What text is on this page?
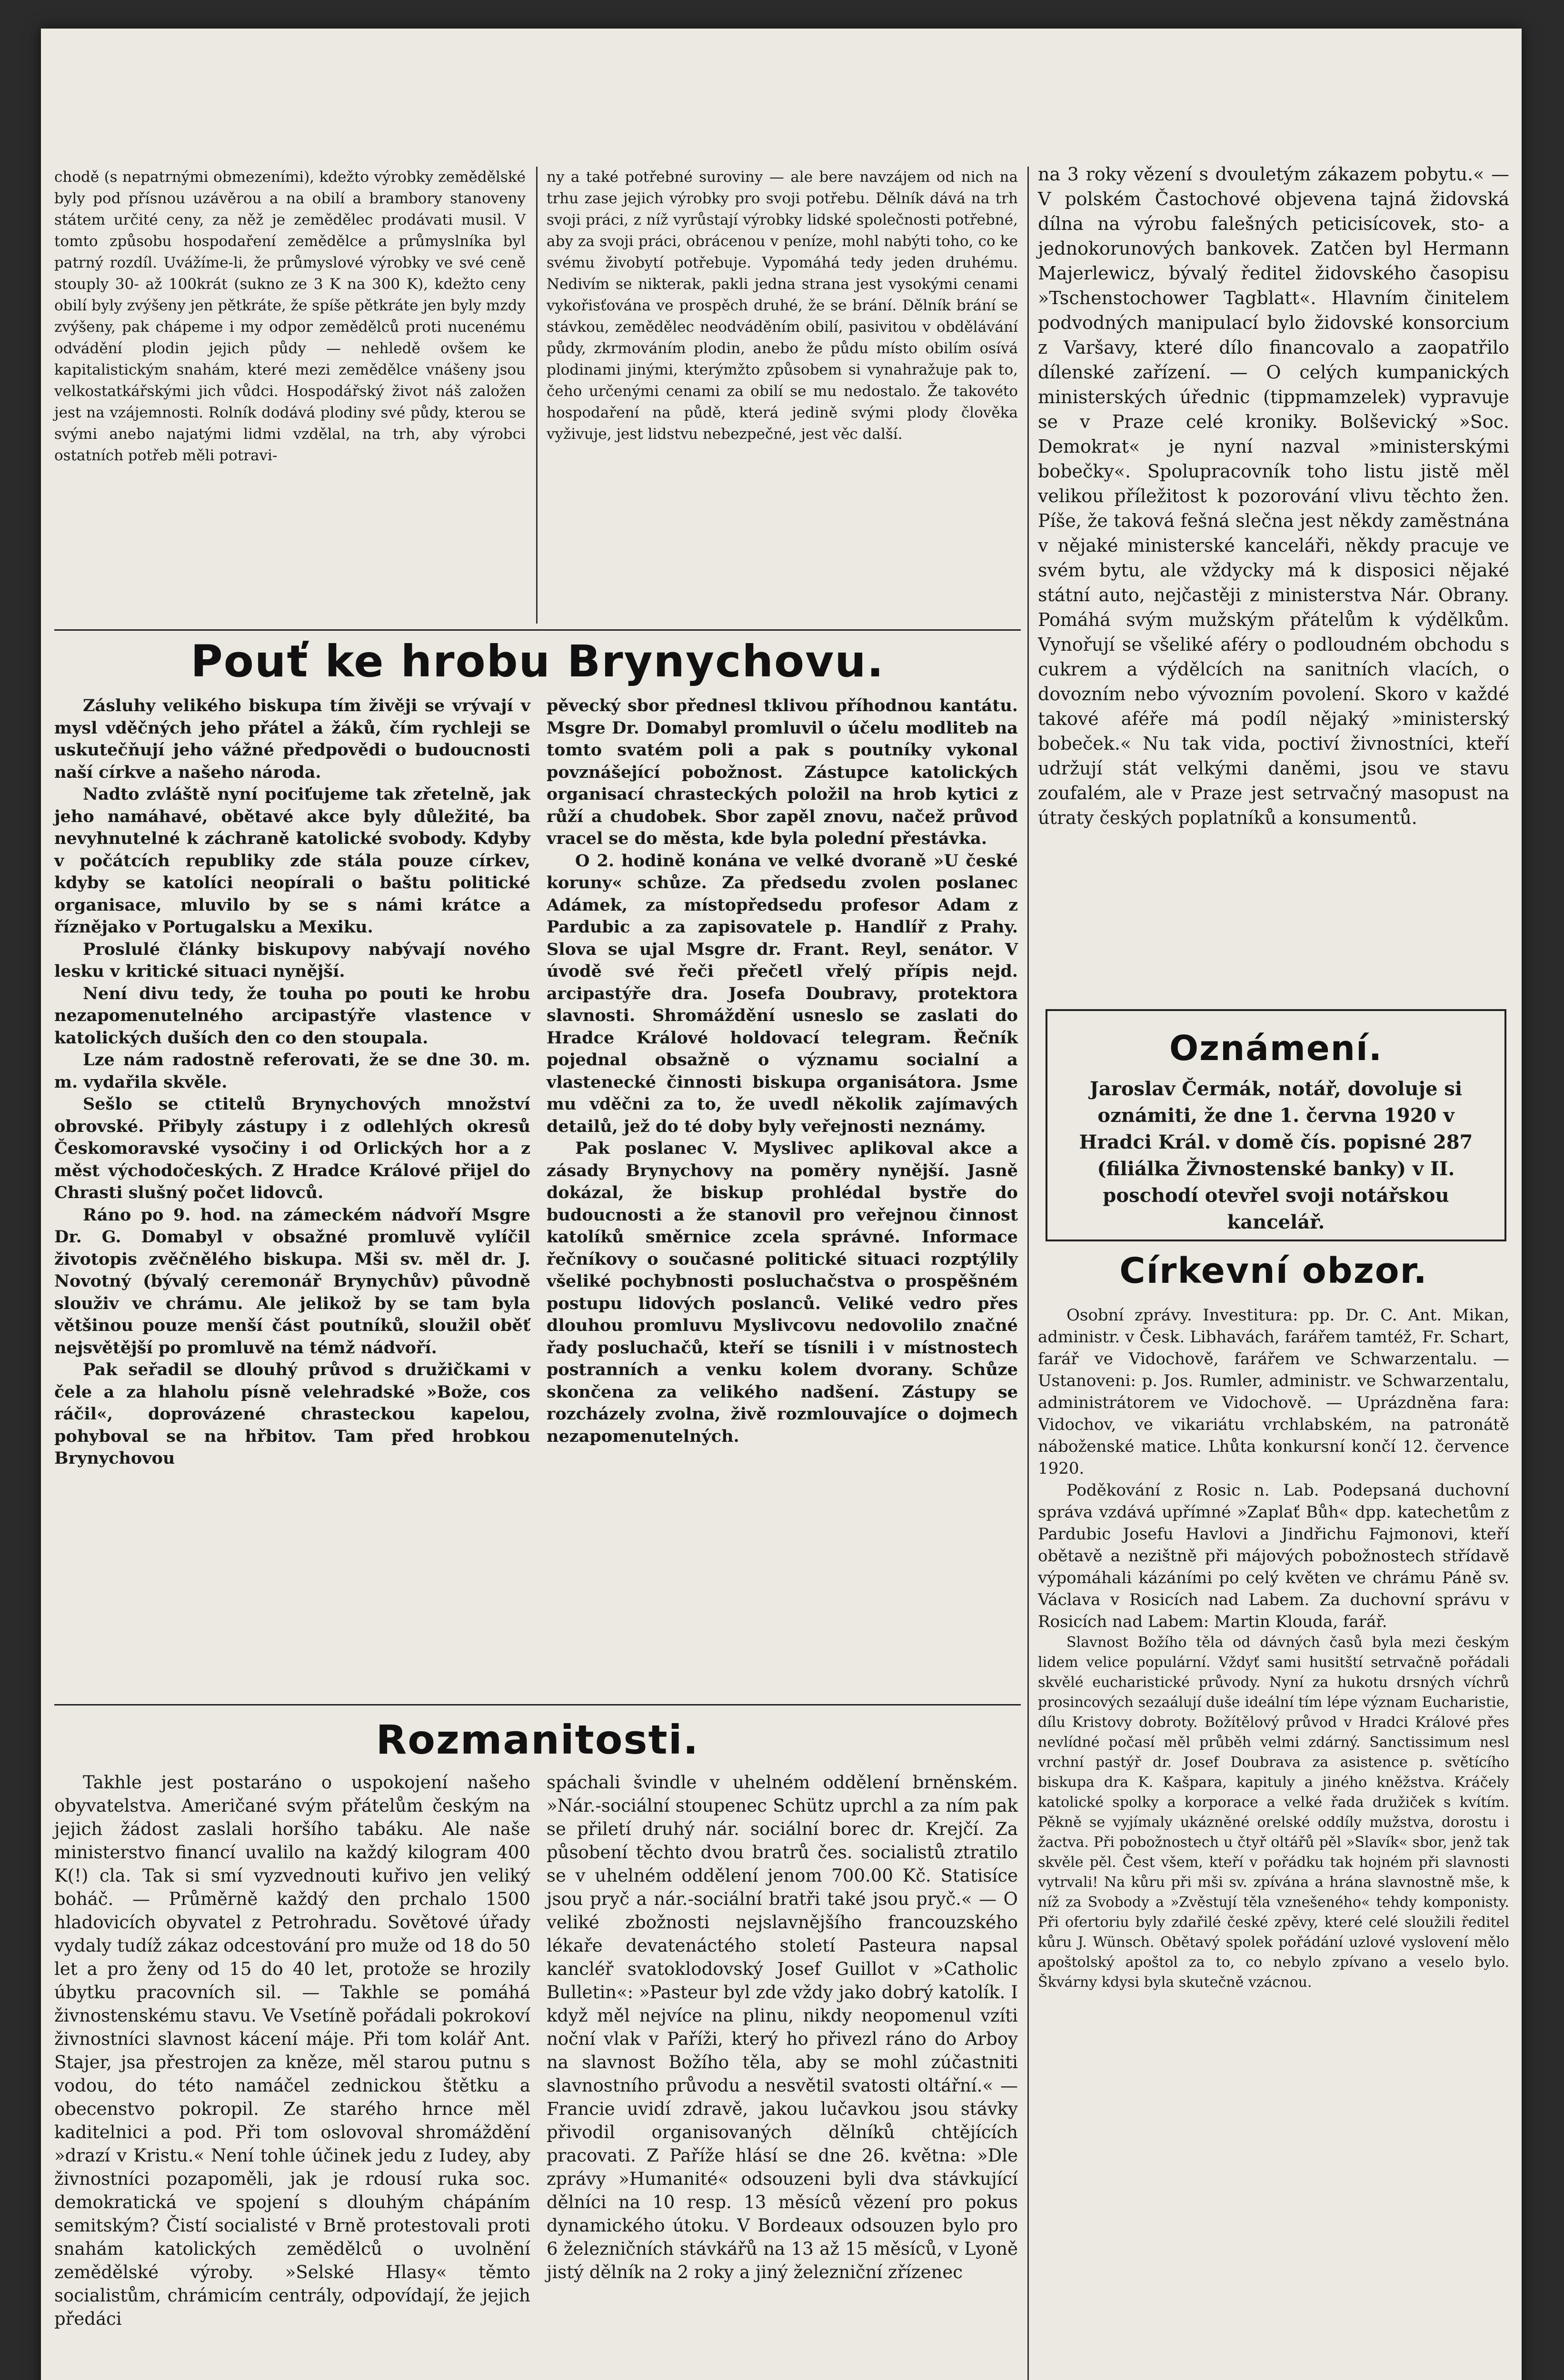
chodě (s nepatrnými obmezeními), kdežto výrobky zemědělské byly pod přísnou uzávěrou a na obilí a brambory stanoveny státem určité ceny, za něž je zemědělec prodávati musil. V tomto způsobu hospodaření zemědělce a průmyslníka byl patrný rozdíl. Uvážíme-li, že průmyslové výrobky ve své ceně stouply 30- až 100krát (sukno ze 3 K na 300 K), kdežto ceny obilí byly zvýšeny jen pětkráte, že spíše pětkráte jen byly mzdy zvýšeny, pak chápeme i my odpor zemědělců proti nucenému odvádění plodin jejich půdy — nehledě ovšem ke kapitalistickým snahám, které mezi zemědělce vnášeny jsou velkostatkářskými jich vůdci. Hospodářský život náš založen jest na vzájemnosti. Rolník dodává plodiny své půdy, kterou se svými anebo najatými lidmi vzdělal, na trh, aby výrobci ostatních potřeb měli potravi-

ny a také potřebné suroviny — ale bere navzájem od nich na trhu zase jejich výrobky pro svoji potřebu. Dělník dává na trh svoji práci, z níž vyrůstají výrobky lidské společnosti potřebné, aby za svoji práci, obrácenou v peníze, mohl nabýti toho, co ke svému živobytí potřebuje. Vypomáhá tedy jeden druhému. Nedivím se nikterak, pakli jedna strana jest vysokými cenami vykořisťována ve prospěch druhé, že se brání. Dělník brání se stávkou, zemědělec neodváděním obilí, pasivitou v obdělávání půdy, zkrmováním plodin, anebo že půdu místo obilím osívá plodinami jinými, kterýmžto způsobem si vynahražuje pak to, čeho určenými cenami za obilí se mu nedostalo. Že takovéto hospodaření na půdě, která jedině svými plody člověka vyživuje, jest lidstvu nebezpečné, jest věc další.

na 3 roky vězení s dvouletým zákazem pobytu.« — V polském Častochové objevena tajná židovská dílna na výrobu falešných peticisícovek, sto- a jednokorunových bankovek. Zatčen byl Hermann Majerlewicz, bývalý ředitel židovského časopisu »Tschenstochower Tagblatt«. Hlavním činitelem podvodných manipulací bylo židovské konsorcium z Varšavy, které dílo financovalo a zaopatřilo dílenské zařízení. — O celých kumpanických ministerských úřednic (tippmamzelek) vypravuje se v Praze celé kroniky. Bolševický »Soc. Demokrat« je nyní nazval »ministerskými bobečky«. Spolupracovník toho listu jistě měl velikou příležitost k pozorování vlivu těchto žen. Píše, že taková fešná slečna jest někdy zaměstnána v nějaké ministerské kanceláři, někdy pracuje ve svém bytu, ale vždycky má k disposici nějaké státní auto, nejčastěji z ministerstva Nár. Obrany. Pomáhá svým mužským přátelům k výdělkům. Vynořují se všeliké aféry o podloudném obchodu s cukrem a výdělcích na sanitních vlacích, o dovozním nebo vývozním povolení. Skoro v každé takové aféře má podíl nějaký »ministerský bobeček.« Nu tak vida, poctiví živnostníci, kteří udržují stát velkými daněmi, jsou ve stavu zoufalém, ale v Praze jest setrvačný masopust na útraty českých poplatníků a konsumentů.

Oznámení.
Jaroslav Čermák, notář, dovoluje si oznámiti, že dne 1. června 1920 v Hradci Král. v domě čís. popisné 287 (filiálka Živnostenské banky) v II. poschodí otevřel svoji notářskou kancelář.
Církevní obzor.

Osobní zprávy. Investitura: pp. Dr. C. Ant. Mikan, administr. v Česk. Libhavách, farářem tamtéž, Fr. Schart, farář ve Vidochově, farářem ve Schwarzentalu. — Ustanoveni: p. Jos. Rumler, administr. ve Schwarzentalu, administrátorem ve Vidochově. — Uprázdněna fara: Vidochov, ve vikariátu vrchlabském, na patronátě náboženské matice. Lhůta konkursní končí 12. července 1920.

Poděkování z Rosic n. Lab. Podepsaná duchovní správa vzdává upřímné »Zaplať Bůh« dpp. katechetům z Pardubic Josefu Havlovi a Jindřichu Fajmonovi, kteří obětavě a nezištně při májových pobožnostech střídavě výpomáhali kázáními po celý květen ve chrámu Páně sv. Václava v Rosicích nad Labem. Za duchovní správu v Rosicích nad Labem: Martin Klouda, farář.

Slavnost Božího těla od dávných časů byla mezi českým lidem velice populární. Vždyť sami husitští setrvačně pořádali skvělé eucharistické průvody. Nyní za hukotu drsných víchrů prosincových sezaálují duše ideální tím lépe význam Eucharistie, dílu Kristovy dobroty. Božítělový průvod v Hradci Králové přes nevlídné počasí měl průběh velmi zdárný. Sanctissimum nesl vrchní pastýř dr. Josef Doubrava za asistence p. světícího biskupa dra K. Kašpara, kapituly a jiného kněžstva. Kráčely katolické spolky a korporace a velké řada družiček s kvítím. Pěkně se vyjímaly ukázněné orelské oddíly mužstva, dorostu i žactva. Při pobožnostech u čtyř oltářů pěl »Slavík« sbor, jenž tak skvěle pěl. Čest všem, kteří v pořádku tak hojném při slavnosti vytrvali! Na kůru při mši sv. zpívána a hrána slavnostně mše, k níž za Svobody a »Zvěstují těla vznešeného« tehdy komponisty. Při ofertoriu byly zdařilé české zpěvy, které celé sloužili ředitel kůru J. Wünsch. Obětavý spolek pořádání uzlové vyslovení mělo apoštolský apoštol za to, co nebylo zpívano a veselo bylo. Škvárny kdysi byla skutečně vzácnou.

Pouť ke hrobu Brynychovu.

Zásluhy velikého biskupa tím živěji se vrývají v mysl vděčných jeho přátel a žáků, čím rychleji se uskutečňují jeho vážné předpovědi o budoucnosti naší církve a našeho národa.

Nadto zvláště nyní pociťujeme tak zřetelně, jak jeho namáhavé, obětavé akce byly důležité, ba nevyhnutelné k záchraně katolické svobody. Kdyby v počátcích republiky zde stála pouze církev, kdyby se katolíci neopírali o baštu politické organisace, mluvilo by se s námi krátce a říznějako v Portugalsku a Mexiku.

Proslulé články biskupovy nabývají nového lesku v kritické situaci nynější.

Není divu tedy, že touha po pouti ke hrobu nezapomenutelného arcipastýře vlastence v katolických duších den co den stoupala.

Lze nám radostně referovati, že se dne 30. m. m. vydařila skvěle.

Sešlo se ctitelů Brynychových množství obrovské. Přibyly zástupy i z odlehlých okresů Českomoravské vysočiny i od Orlických hor a z měst východočeských. Z Hradce Králové přijel do Chrasti slušný počet lidovců.

Ráno po 9. hod. na zámeckém nádvoří Msgre Dr. G. Domabyl v obsažné promluvě vylíčil životopis zvěčnělého biskupa. Mši sv. měl dr. J. Novotný (bývalý ceremonář Brynychův) původně slouživ ve chrámu. Ale jelikož by se tam byla většinou pouze menší část poutníků, sloužil oběť nejsvětější po promluvě na témž nádvoří.

Pak seřadil se dlouhý průvod s družičkami v čele a za hlaholu písně velehradské »Bože, cos ráčil«, doprovázené chrasteckou kapelou, pohyboval se na hřbitov. Tam před hrobkou Brynychovou

pěvecký sbor přednesl tklivou příhodnou kantátu. Msgre Dr. Domabyl promluvil o účelu modliteb na tomto svatém poli a pak s poutníky vykonal povznášející pobožnost. Zástupce katolických organisací chrasteckých položil na hrob kytici z růží a chudobek. Sbor zapěl znovu, načež průvod vracel se do města, kde byla polední přestávka.

O 2. hodině konána ve velké dvoraně »U české koruny« schůze. Za předsedu zvolen poslanec Adámek, za místopředsedu profesor Adam z Pardubic a za zapisovatele p. Handlíř z Prahy. Slova se ujal Msgre dr. Frant. Reyl, senátor. V úvodě své řeči přečetl vřelý přípis nejd. arcipastýře dra. Josefa Doubravy, protektora slavnosti. Shromáždění usneslo se zaslati do Hradce Králové holdovací telegram. Řečník pojednal obsažně o významu socialní a vlastenecké činnosti biskupa organisátora. Jsme mu vděčni za to, že uvedl několik zajímavých detailů, jež do té doby byly veřejnosti neznámy.

Pak poslanec V. Myslivec aplikoval akce a zásady Brynychovy na poměry nynější. Jasně dokázal, že biskup prohlédal bystře do budoucnosti a že stanovil pro veřejnou činnost katolíků směrnice zcela správné. Informace řečníkovy o současné politické situaci rozptýlily všeliké pochybnosti posluchačstva o prospěšném postupu lidových poslanců. Veliké vedro přes dlouhou promluvu Myslivcovu nedovolilo značné řady posluchačů, kteří se tísnili i v místnostech postranních a venku kolem dvorany. Schůze skončena za velikého nadšení. Zástupy se rozcházely zvolna, živě rozmlouvajíce o dojmech nezapomenutelných.

Rozmanitosti.

Takhle jest postaráno o uspokojení našeho obyvatelstva. Američané svým přátelům českým na jejich žádost zaslali horšího tabáku. Ale naše ministerstvo financí uvalilo na každý kilogram 400 K(!) cla. Tak si smí vyzvednouti kuřivo jen veliký boháč. — Průměrně každý den prchalo 1500 hladovicích obyvatel z Petrohradu. Sovětové úřady vydaly tudíž zákaz odcestování pro muže od 18 do 50 let a pro ženy od 15 do 40 let, protože se hrozily úbytku pracovních sil. — Takhle se pomáhá živnostenskému stavu. Ve Vsetíně pořádali pokrokoví živnostníci slavnost kácení máje. Při tom kolář Ant. Stajer, jsa přestrojen za kněze, měl starou putnu s vodou, do této namáčel zednickou štětku a obecenstvo pokropil. Ze starého hrnce měl kaditelnici a pod. Při tom oslovoval shromáždění »drazí v Kristu.« Není tohle účinek jedu z Iudey, aby živnostníci pozapoměli, jak je rdousí ruka soc. demokratická ve spojení s dlouhým chápáním semitským? Čistí socialisté v Brně protestovali proti snahám katolických zemědělců o uvolnění zemědělské výroby. »Selské Hlasy« těmto socialistům, chrámicím centrály, odpovídají, že jejich předáci

spáchali švindle v uhelném oddělení brněnském. »Nár.-sociální stoupenec Schütz uprchl a za ním pak se přiletí druhý nár. sociální borec dr. Krejčí. Za působení těchto dvou bratrů čes. socialistů ztratilo se v uhelném oddělení jenom 700.00 Kč. Statisíce jsou pryč a nár.-sociální bratři také jsou pryč.« — O veliké zbožnosti nejslavnějšího francouzského lékaře devatenáctého století Pasteura napsal kancléř svatoklodovský Josef Guillot v »Catholic Bulletin«: »Pasteur byl zde vždy jako dobrý katolík. I když měl nejvíce na plinu, nikdy neopomenul vzíti noční vlak v Paříži, který ho přivezl ráno do Arboy na slavnost Božího těla, aby se mohl zúčastniti slavnostního průvodu a nesvětil svatosti oltářní.« — Francie uvidí zdravě, jakou lučavkou jsou stávky přivodil organisovaných dělníků chtějících pracovati. Z Paříže hlásí se dne 26. května: »Dle zprávy »Humanité« odsouzeni byli dva stávkující dělníci na 10 resp. 13 měsíců vězení pro pokus dynamického útoku. V Bordeaux odsouzen bylo pro 6 železničních stávkářů na 13 až 15 měsíců, v Lyoně jistý dělník na 2 roky a jiný železniční zřízenec
